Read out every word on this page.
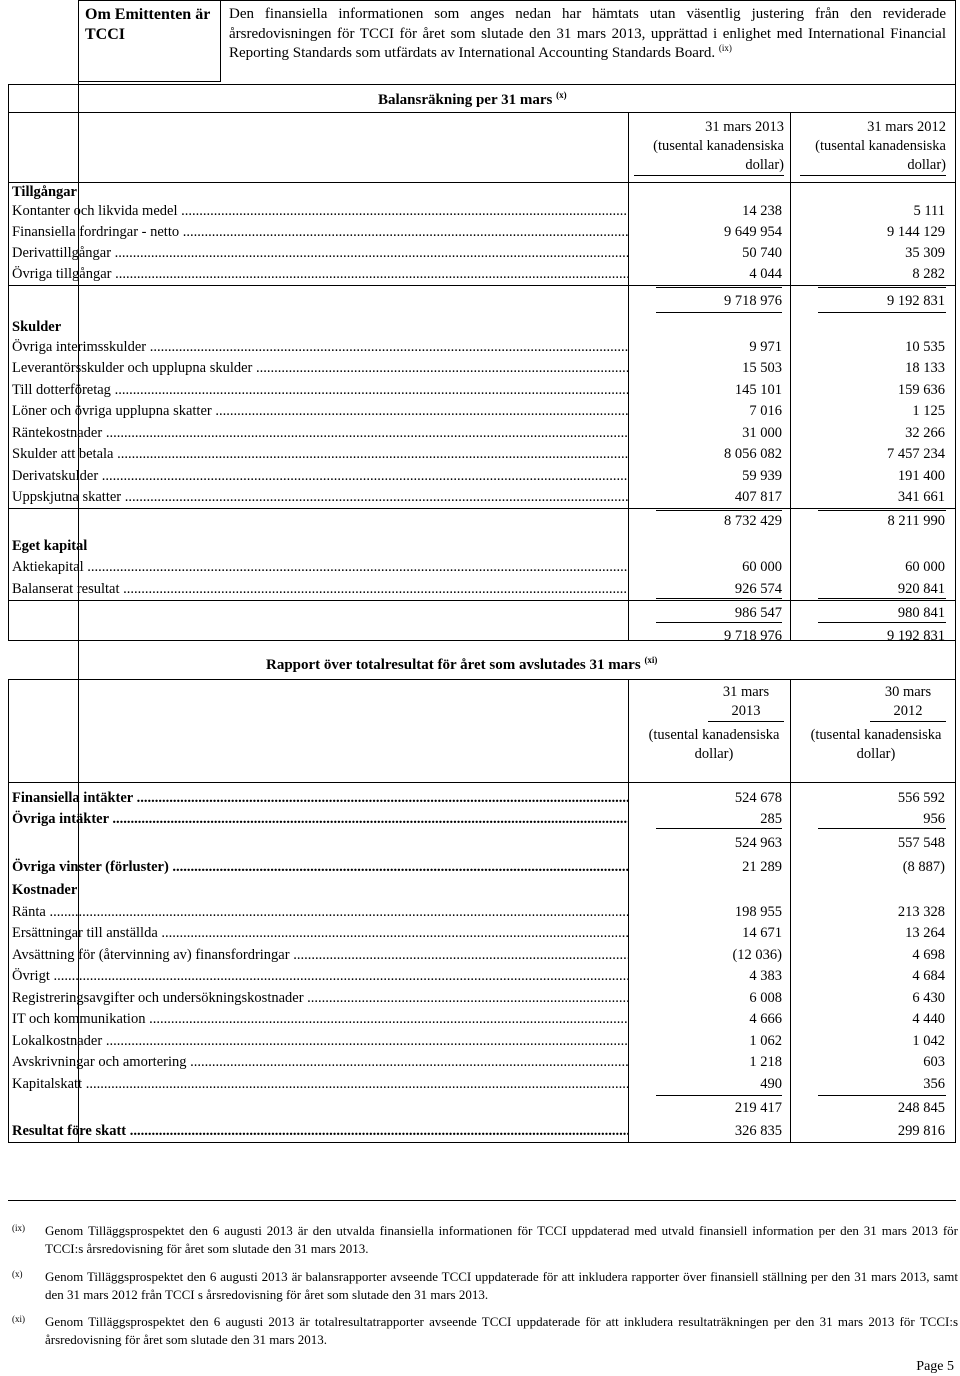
Om Emittenten är TCCI
Den finansiella informationen som anges nedan har hämtats utan väsentlig justering från den reviderade årsredovisningen för TCCI för året som slutade den 31 mars 2013, upprättad i enlighet med International Financial Reporting Standards som utfärdats av International Accounting Standards Board. $^{(ix)}$
Balansräkning per 31 mars $^{(x)}$
31 mars 2013
(tusental kanadensiska dollar)
31 mars 2012
(tusental kanadensiska dollar)
Tillgångar
Kontanter och likvida medel .....	14 238	5 111
Finansiella fordringar - netto .....	9 649 954	9 144 129
Derivattillgångar .....	50 740	35 309
Övriga tillgångar .....	4 044	8 282
9 718 976	9 192 831
Skulder
Övriga interimsskulder .....	9 971	10 535
Leverantörsskulder och upplupna skulder .....	15 503	18 133
Till dotterföretag .....	145 101	159 636
Löner och övriga upplupna skatter .....	7 016	1 125
Räntekostnader .....	31 000	32 266
Skulder att betala .....	8 056 082	7 457 234
Derivatskulder .....	59 939	191 400
Uppskjutna skatter .....	407 817	341 661
8 732 429	8 211 990
Eget kapital
Aktiekapital .....	60 000	60 000
Balanserat resultat .....	926 574	920 841
986 547	980 841
9 718 976	9 192 831
Rapport över totalresultat för året som avslutades 31 mars $^{(xi)}$
31 mars 2013
(tusental kanadensiska dollar)
30 mars 2012
(tusental kanadensiska dollar)
Finansiella intäkter .....	524 678	556 592
Övriga intäkter .....	285	956
524 963	557 548
Övriga vinster (förluster) .....	21 289	(8 887)
Kostnader
Ränta .....	198 955	213 328
Ersättningar till anställda .....	14 671	13 264
Avsättning för (återvinning av) finansfordringar .....	(12 036)	4 698
Övrigt .....	4 383	4 684
Registreringsavgifter och undersökningskostnader .....	6 008	6 430
IT och kommunikation .....	4 666	4 440
Lokalkostnader .....	1 062	1 042
Avskrivningar och amortering .....	1 218	603
Kapitalskatt .....	490	356
219 417	248 845
Resultat före skatt .....	326 835	299 816
(ix) Genom Tilläggsprospektet den 6 augusti 2013 är den utvalda finansiella informationen för TCCI uppdaterad med utvald finansiell information per den 31 mars 2013 för TCCI:s årsredovisning för året som slutade den 31 mars 2013.
(x) Genom Tilläggsprospektet den 6 augusti 2013 är balansrapporter avseende TCCI uppdaterade för att inkludera rapporter över finansiell ställning per den 31 mars 2013, samt den 31 mars 2012 från TCCI s årsredovisning för året som slutade den 31 mars 2013.
(xi) Genom Tilläggsprospektet den 6 augusti 2013 är totalresultatrapporter avseende TCCI uppdaterade för att inkludera resultaträkningen per den 31 mars 2013 för TCCI:s årsredovisning för året som slutade den 31 mars 2013.
Page 5
